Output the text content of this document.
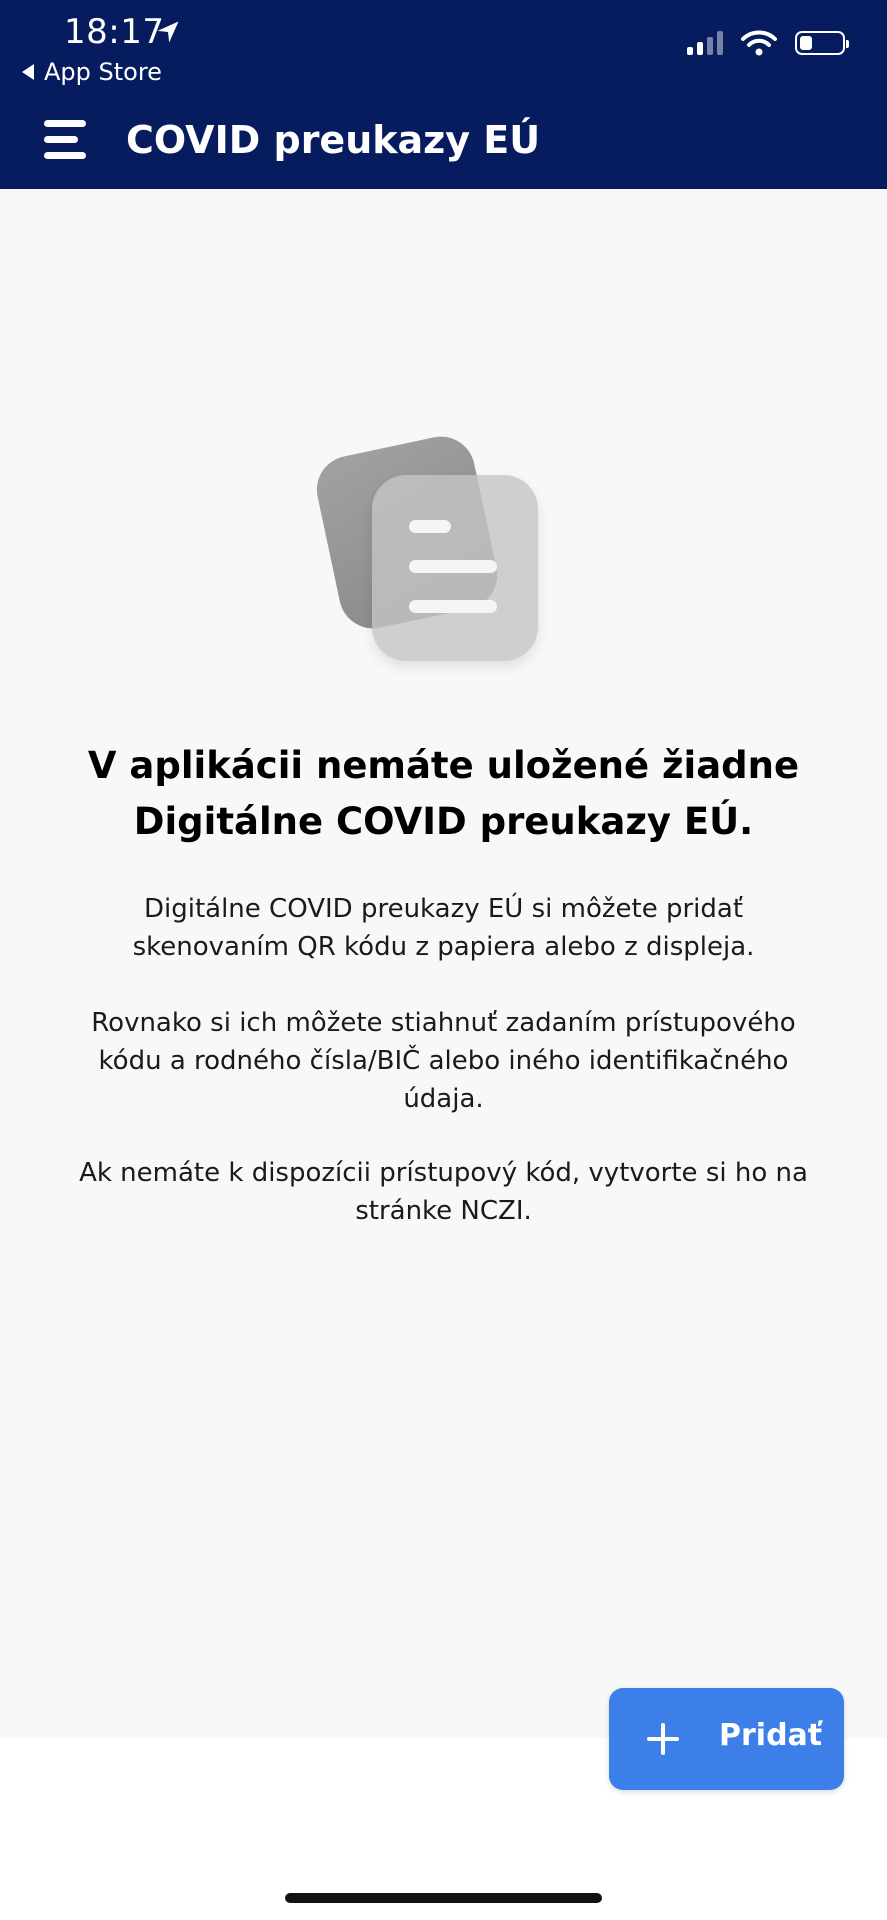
18:17
App Store
COVID preukazy EÚ
V aplikácii nemáte uložené žiadne Digitálne COVID preukazy EÚ.
Digitálne COVID preukazy EÚ si môžete pridať skenovaním QR kódu z papiera alebo z displeja.
Rovnako si ich môžete stiahnuť zadaním prístupového kódu a rodného čísla/BIČ alebo iného identifikačného údaja.
Ak nemáte k dispozícii prístupový kód, vytvorte si ho na stránke NCZI.
Pridať
